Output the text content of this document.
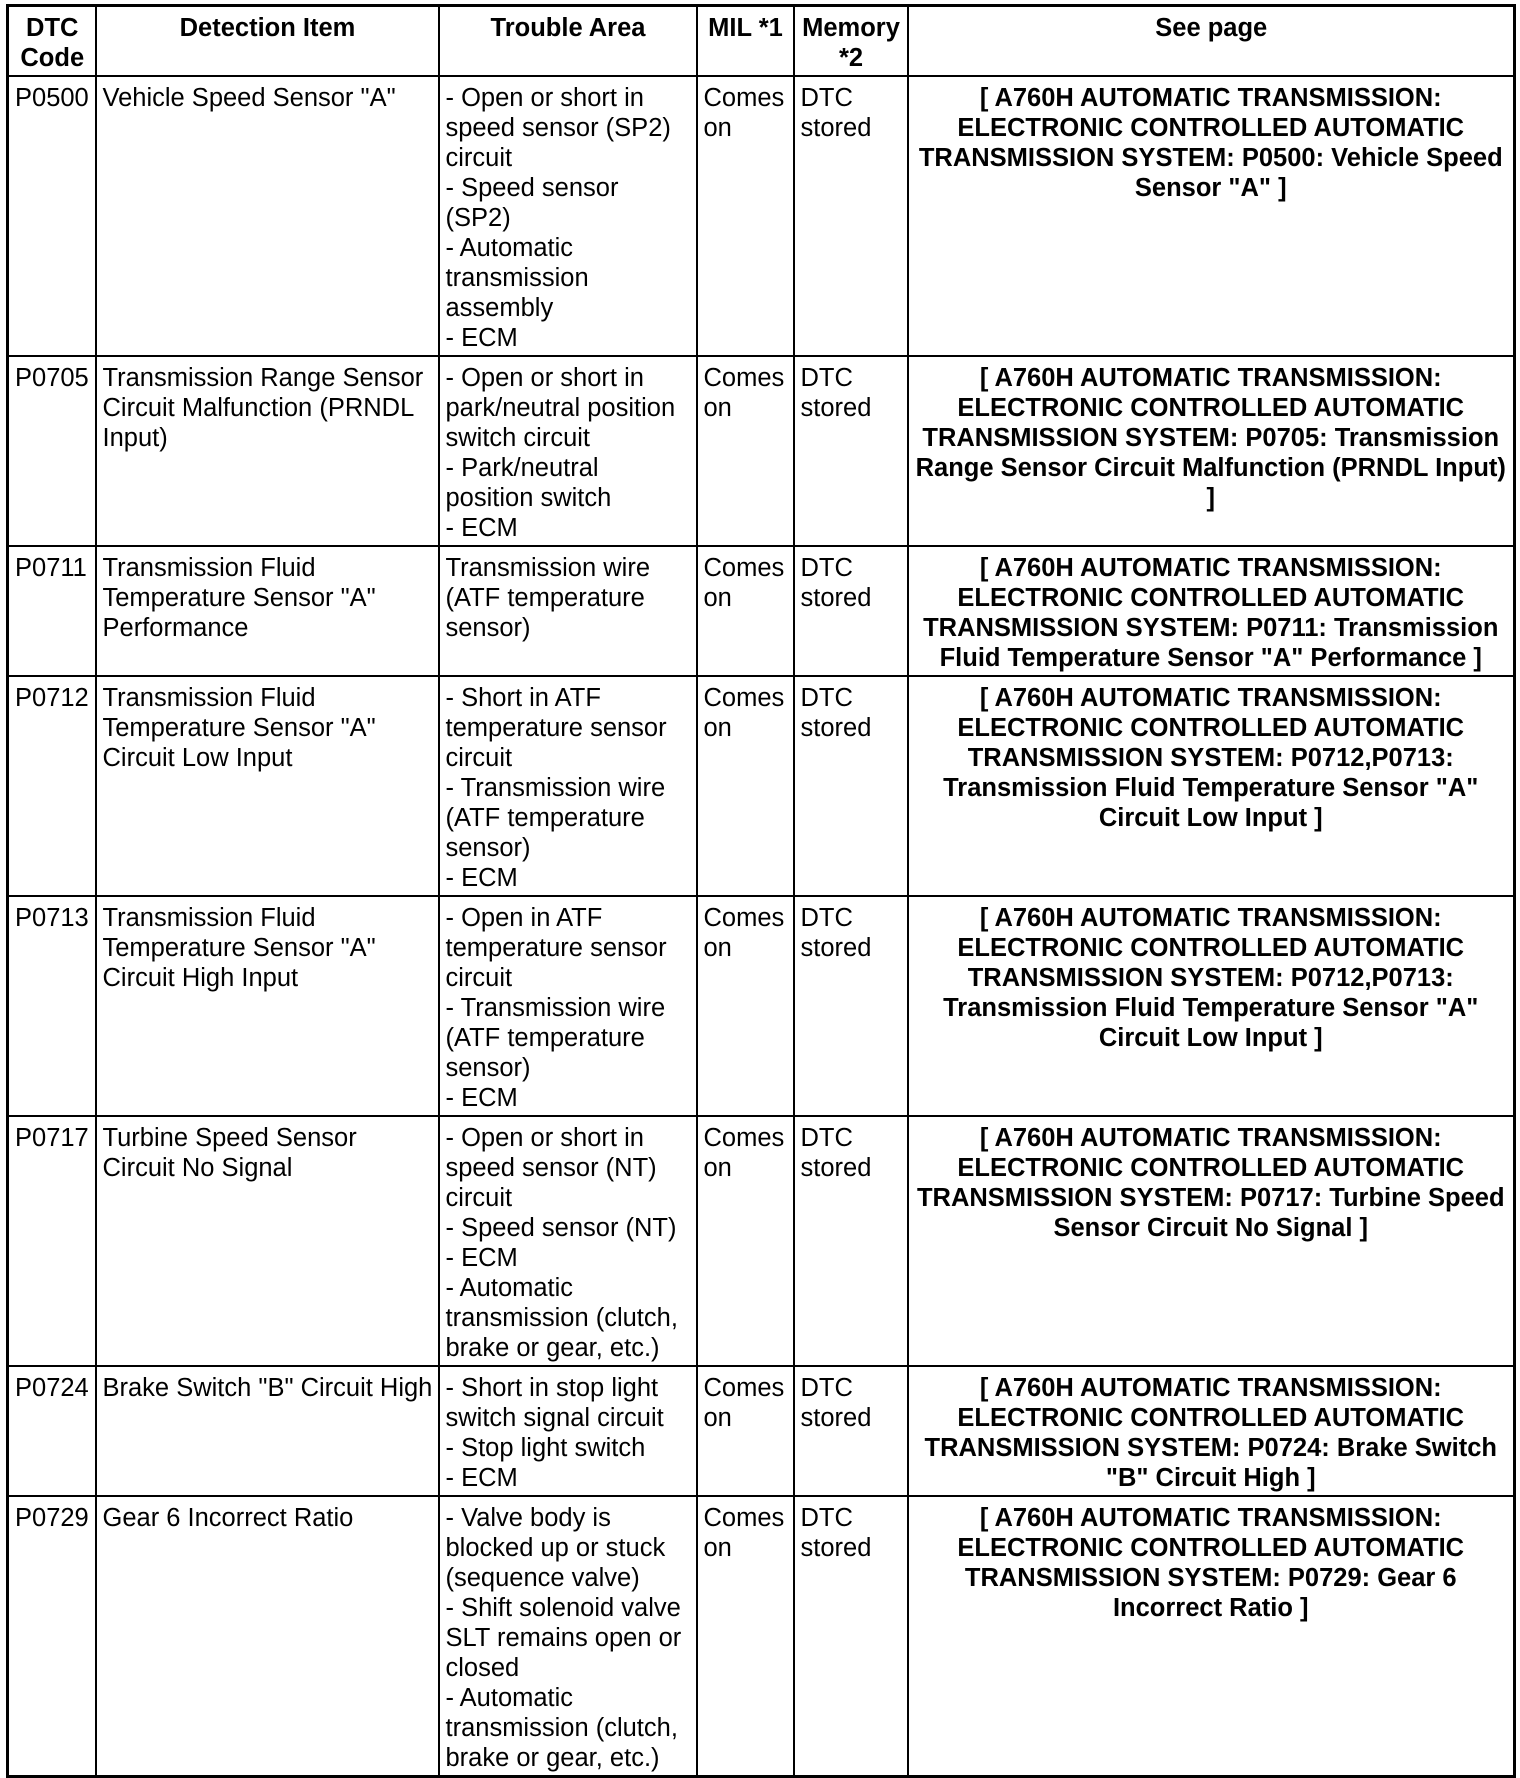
DTC
Code	Detection Item	Trouble Area	MIL *1	Memory
*2	See page
P0500	Vehicle Speed Sensor "A"	- Open or short in speed sensor (SP2) circuit
- Speed sensor (SP2)
- Automatic transmission assembly
- ECM	Comes on	DTC stored	[ A760H AUTOMATIC TRANSMISSION: ELECTRONIC CONTROLLED AUTOMATIC TRANSMISSION SYSTEM: P0500: Vehicle Speed Sensor "A" ]
P0705	Transmission Range Sensor Circuit Malfunction (PRNDL Input)	- Open or short in park/neutral position switch circuit
- Park/neutral position switch
- ECM	Comes on	DTC stored	[ A760H AUTOMATIC TRANSMISSION: ELECTRONIC CONTROLLED AUTOMATIC TRANSMISSION SYSTEM: P0705: Transmission Range Sensor Circuit Malfunction (PRNDL Input) ]
P0711	Transmission Fluid Temperature Sensor "A" Performance	Transmission wire (ATF temperature sensor)	Comes on	DTC stored	[ A760H AUTOMATIC TRANSMISSION: ELECTRONIC CONTROLLED AUTOMATIC TRANSMISSION SYSTEM: P0711: Transmission Fluid Temperature Sensor "A" Performance ]
P0712	Transmission Fluid Temperature Sensor "A" Circuit Low Input	- Short in ATF temperature sensor circuit
- Transmission wire (ATF temperature sensor)
- ECM	Comes on	DTC stored	[ A760H AUTOMATIC TRANSMISSION: ELECTRONIC CONTROLLED AUTOMATIC TRANSMISSION SYSTEM: P0712,P0713: Transmission Fluid Temperature Sensor "A" Circuit Low Input ]
P0713	Transmission Fluid Temperature Sensor "A" Circuit High Input	- Open in ATF temperature sensor circuit
- Transmission wire (ATF temperature sensor)
- ECM	Comes on	DTC stored	[ A760H AUTOMATIC TRANSMISSION: ELECTRONIC CONTROLLED AUTOMATIC TRANSMISSION SYSTEM: P0712,P0713: Transmission Fluid Temperature Sensor "A" Circuit Low Input ]
P0717	Turbine Speed Sensor Circuit No Signal	- Open or short in speed sensor (NT) circuit
- Speed sensor (NT)
- ECM
- Automatic transmission (clutch, brake or gear, etc.)	Comes on	DTC stored	[ A760H AUTOMATIC TRANSMISSION: ELECTRONIC CONTROLLED AUTOMATIC TRANSMISSION SYSTEM: P0717: Turbine Speed Sensor Circuit No Signal ]
P0724	Brake Switch "B" Circuit High	- Short in stop light switch signal circuit
- Stop light switch
- ECM	Comes on	DTC stored	[ A760H AUTOMATIC TRANSMISSION: ELECTRONIC CONTROLLED AUTOMATIC TRANSMISSION SYSTEM: P0724: Brake Switch "B" Circuit High ]
P0729	Gear 6 Incorrect Ratio	- Valve body is blocked up or stuck (sequence valve)
- Shift solenoid valve SLT remains open or closed
- Automatic transmission (clutch, brake or gear, etc.)	Comes on	DTC stored	[ A760H AUTOMATIC TRANSMISSION: ELECTRONIC CONTROLLED AUTOMATIC TRANSMISSION SYSTEM: P0729: Gear 6 Incorrect Ratio ]
